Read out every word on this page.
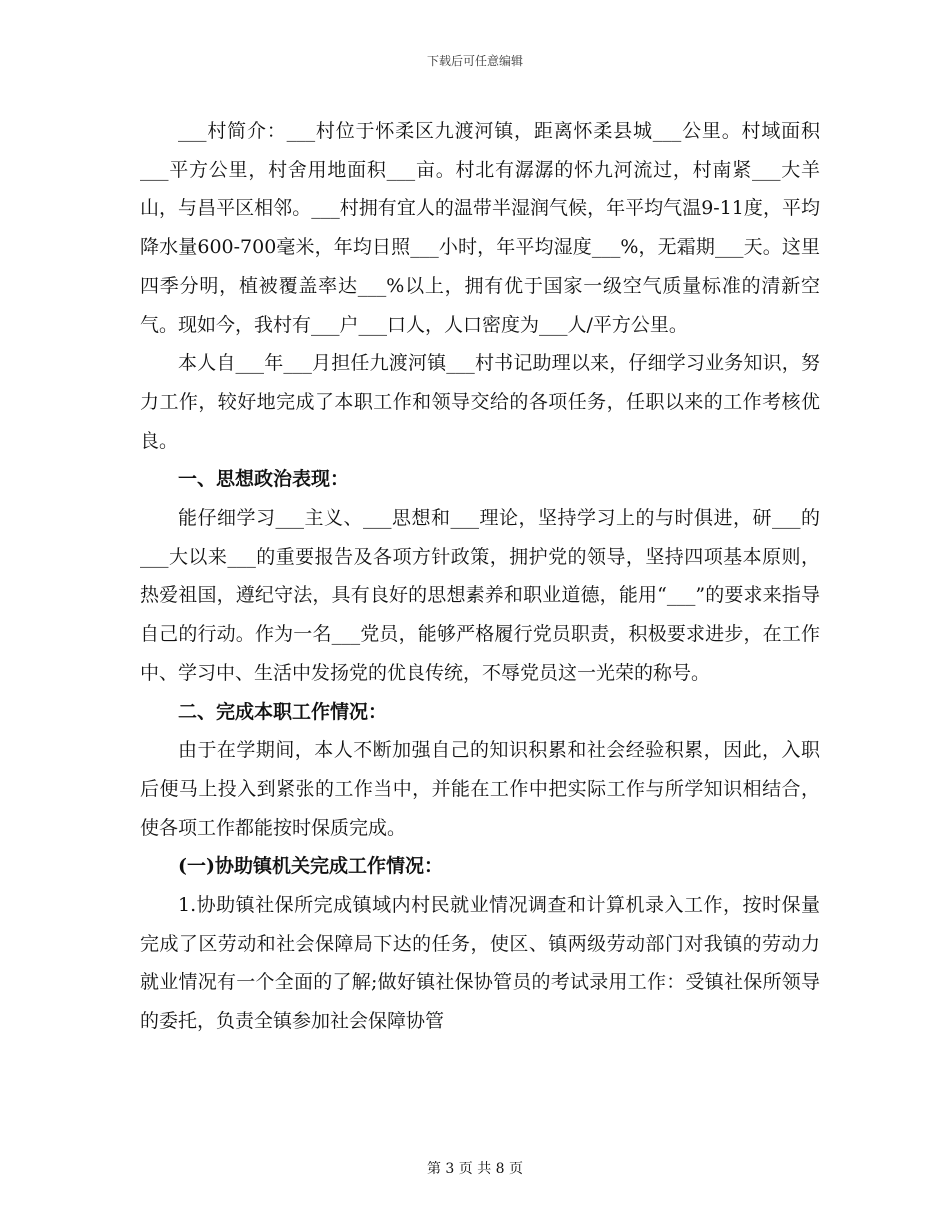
下载后可任意编辑

___村简介：___村位于怀柔区九渡河镇，距离怀柔县城___公里。村域面积___平方公里，村舍用地面积___亩。村北有潺潺的怀九河流过，村南紧___大羊山，与昌平区相邻。___村拥有宜人的温带半湿润气候，年平均气温9-11度，平均降水量600-700毫米，年均日照___小时，年平均湿度___%，无霜期___天。这里四季分明，植被覆盖率达___%以上，拥有优于国家一级空气质量标准的清新空气。现如今，我村有___户___口人，人口密度为___人/平方公里。

本人自___年___月担任九渡河镇___村书记助理以来，仔细学习业务知识，努力工作，较好地完成了本职工作和领导交给的各项任务，任职以来的工作考核优良。

一、思想政治表现：

能仔细学习___主义、___思想和___理论，坚持学习上的与时俱进，研___的___大以来___的重要报告及各项方针政策，拥护党的领导，坚持四项基本原则，热爱祖国，遵纪守法，具有良好的思想素养和职业道德，能用“___”的要求来指导自己的行动。作为一名___党员，能够严格履行党员职责，积极要求进步，在工作中、学习中、生活中发扬党的优良传统，不辱党员这一光荣的称号。

二、完成本职工作情况：

由于在学期间，本人不断加强自己的知识积累和社会经验积累，因此，入职后便马上投入到紧张的工作当中，并能在工作中把实际工作与所学知识相结合，使各项工作都能按时保质完成。

(一)协助镇机关完成工作情况：

1.协助镇社保所完成镇域内村民就业情况调查和计算机录入工作，按时保量完成了区劳动和社会保障局下达的任务，使区、镇两级劳动部门对我镇的劳动力就业情况有一个全面的了解;做好镇社保协管员的考试录用工作：受镇社保所领导的委托，负责全镇参加社会保障协管

第 3 页 共 8 页
